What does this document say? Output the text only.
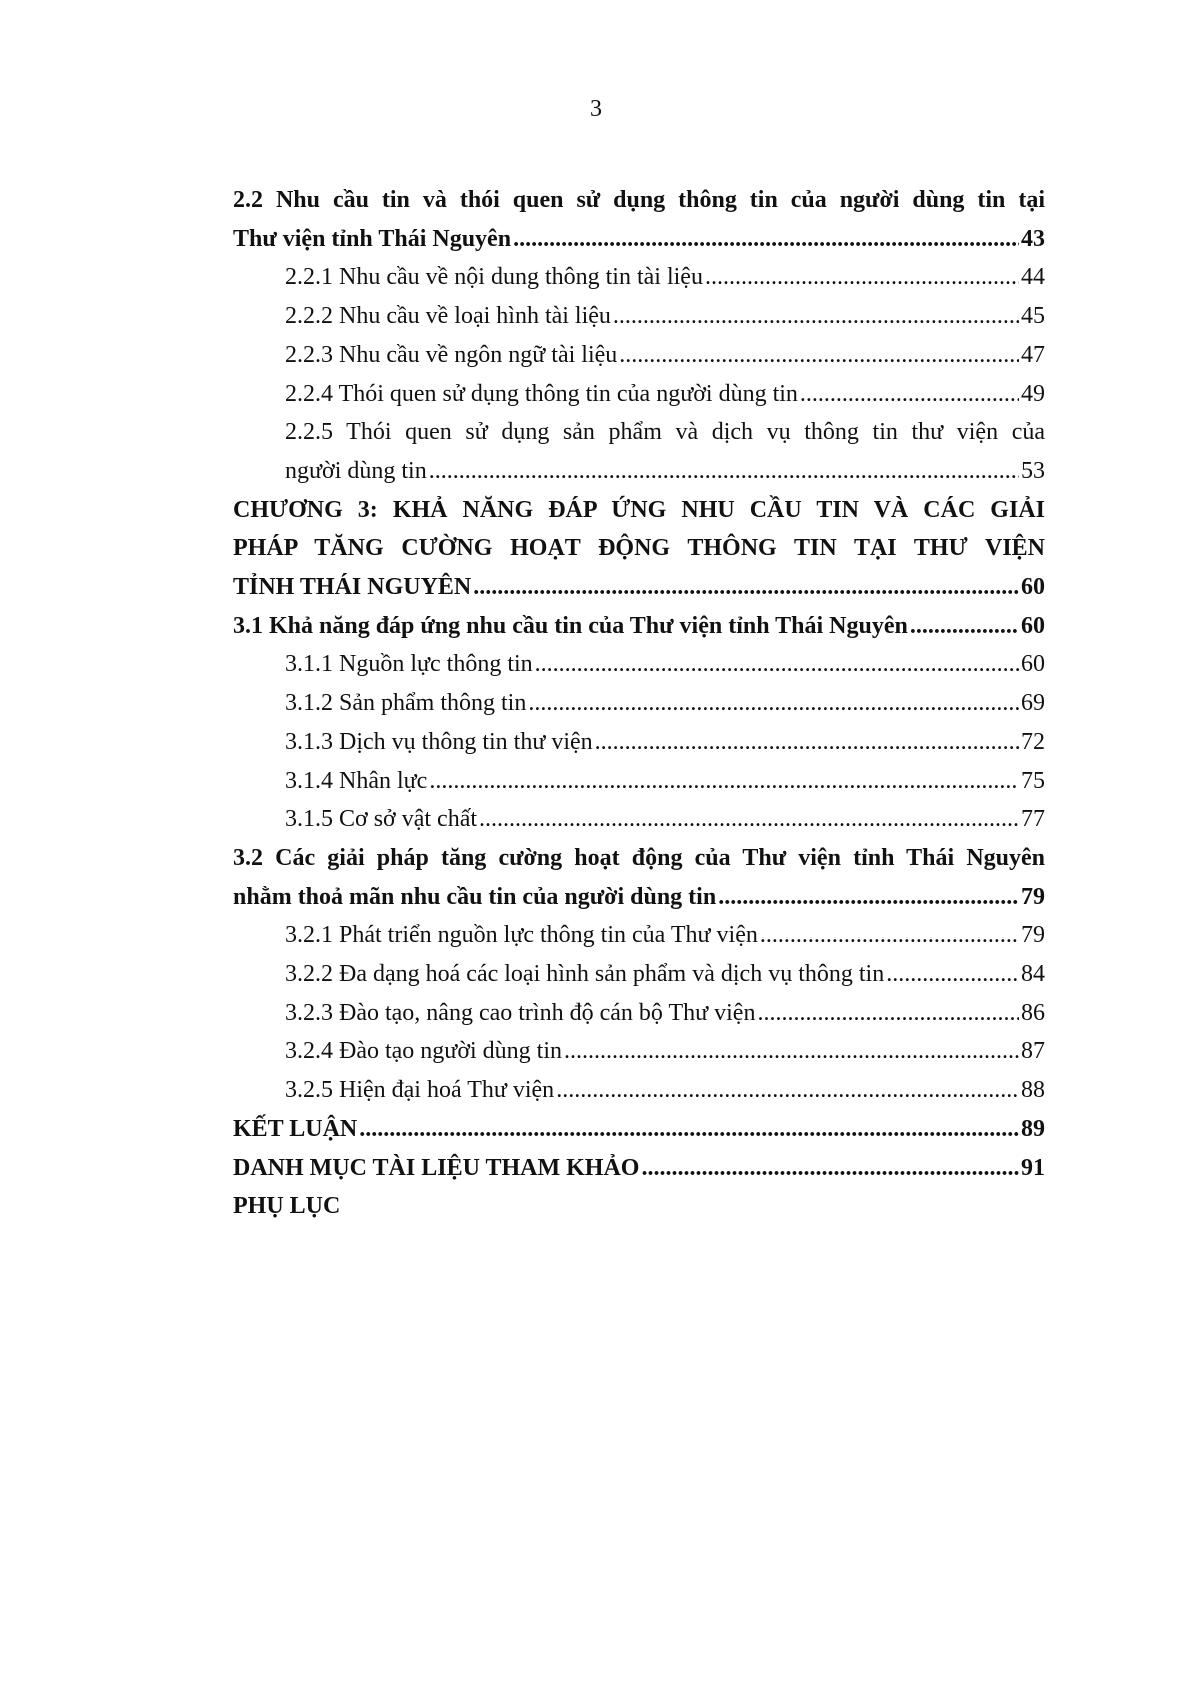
3
2.2 Nhu cầu tin và thói quen sử dụng thông tin của người dùng tin tại
Thư viện tỉnh Thái Nguyên .....	43
2.2.1 Nhu cầu về nội dung thông tin tài liệu .....	44
2.2.2 Nhu cầu về loại hình tài liệu .....	45
2.2.3 Nhu cầu về ngôn ngữ tài liệu .....	47
2.2.4 Thói quen sử dụng thông tin của người dùng tin .....	49
2.2.5 Thói quen sử dụng sản phẩm và dịch vụ thông tin thư viện của
người dùng tin .....	53
CHƯƠNG 3: KHẢ NĂNG ĐÁP ỨNG NHU CẦU TIN VÀ CÁC GIẢI
PHÁP TĂNG CƯỜNG HOẠT ĐỘNG THÔNG TIN TẠI THƯ VIỆN
TỈNH THÁI NGUYÊN .....	60
3.1 Khả năng đáp ứng nhu cầu tin của Thư viện tỉnh Thái Nguyên .....	60
3.1.1 Nguồn lực thông tin .....	60
3.1.2 Sản phẩm thông tin .....	69
3.1.3 Dịch vụ thông tin thư viện .....	72
3.1.4 Nhân lực .....	75
3.1.5 Cơ sở vật chất .....	77
3.2 Các giải pháp tăng cường hoạt động của Thư viện tỉnh Thái Nguyên
nhằm thoả mãn nhu cầu tin của người dùng tin .....	79
3.2.1 Phát triển nguồn lực thông tin của Thư viện .....	79
3.2.2 Đa dạng hoá các loại hình sản phẩm và dịch vụ thông tin .....	84
3.2.3 Đào tạo, nâng cao trình độ cán bộ Thư viện .....	86
3.2.4 Đào tạo người dùng tin .....	87
3.2.5 Hiện đại hoá Thư viện .....	88
KẾT LUẬN .....	89
DANH MỤC TÀI LIỆU THAM KHẢO .....	91
PHỤ LỤC
